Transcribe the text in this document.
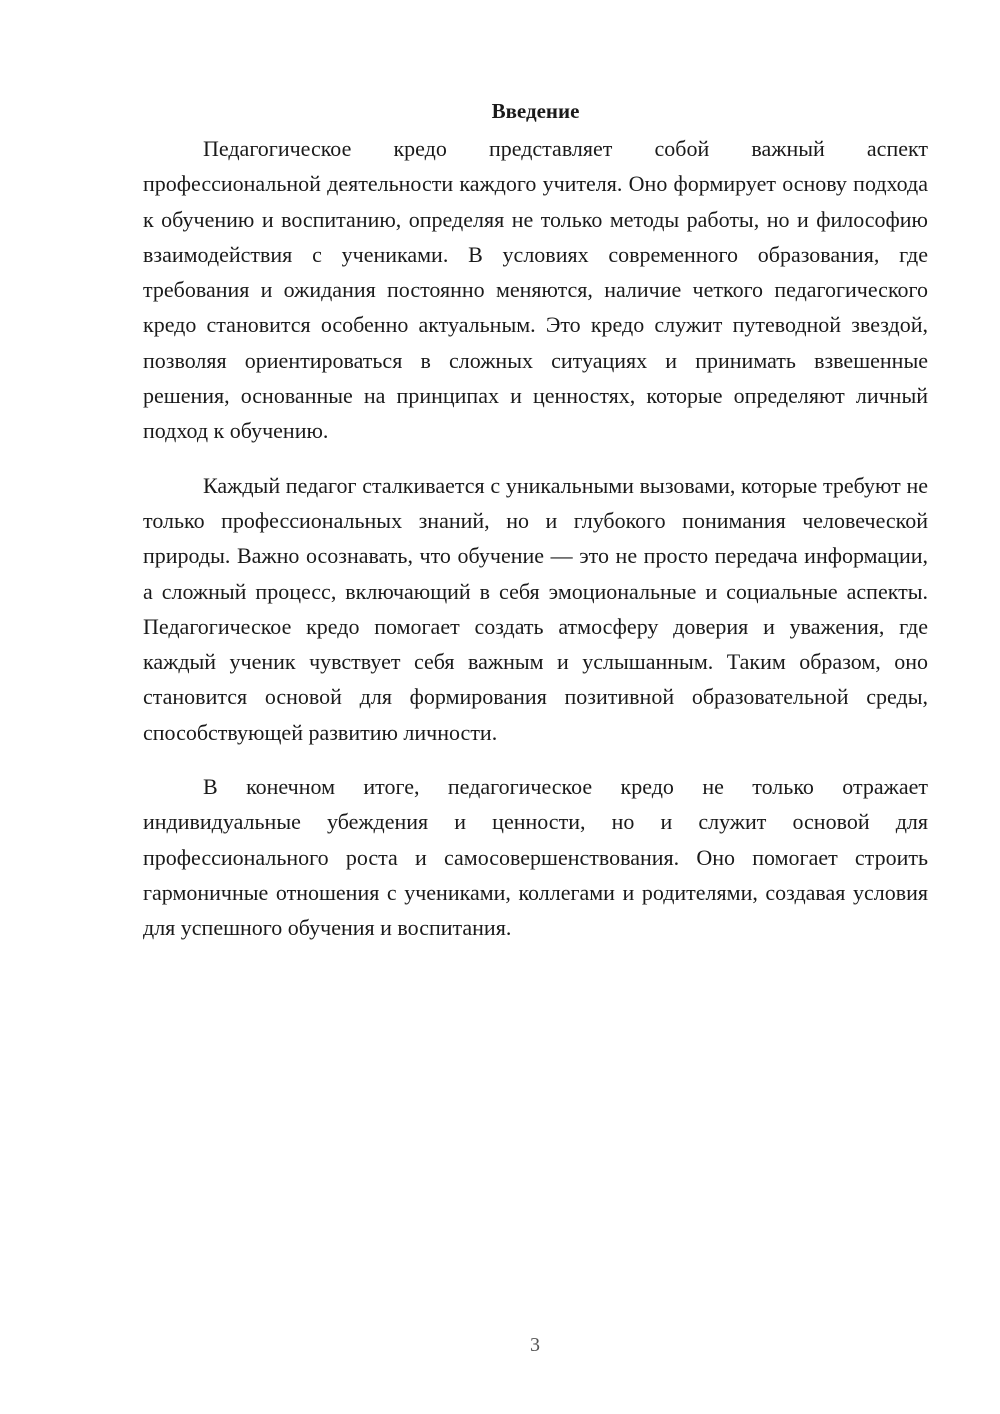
Введение

Педагогическое кредо представляет собой важный аспект профессиональной деятельности каждого учителя. Оно формирует основу подхода к обучению и воспитанию, определяя не только методы работы, но и философию взаимодействия с учениками. В условиях современного образования, где требования и ожидания постоянно меняются, наличие четкого педагогического кредо становится особенно актуальным. Это кредо служит путеводной звездой, позволяя ориентироваться в сложных ситуациях и принимать взвешенные решения, основанные на принципах и ценностях, которые определяют личный подход к обучению.

Каждый педагог сталкивается с уникальными вызовами, которые требуют не только профессиональных знаний, но и глубокого понимания человеческой природы. Важно осознавать, что обучение — это не просто передача информации, а сложный процесс, включающий в себя эмоциональные и социальные аспекты. Педагогическое кредо помогает создать атмосферу доверия и уважения, где каждый ученик чувствует себя важным и услышанным. Таким образом, оно становится основой для формирования позитивной образовательной среды, способствующей развитию личности.

В конечном итоге, педагогическое кредо не только отражает индивидуальные убеждения и ценности, но и служит основой для профессионального роста и самосовершенствования. Оно помогает строить гармоничные отношения с учениками, коллегами и родителями, создавая условия для успешного обучения и воспитания.

3
